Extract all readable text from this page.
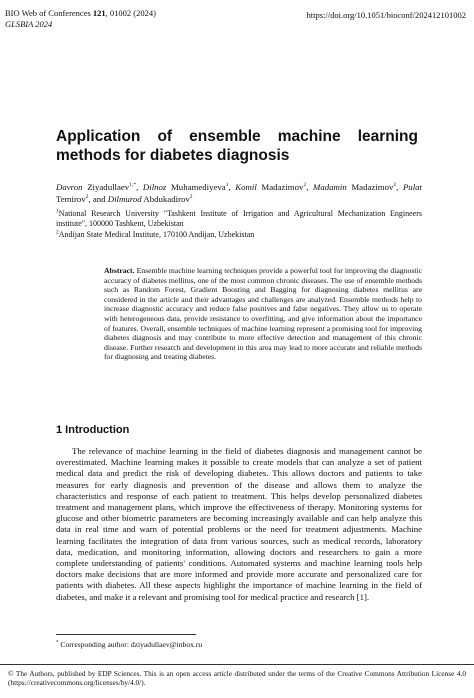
BIO Web of Conferences 121, 01002 (2024)
GLSBIA 2024
https://doi.org/10.1051/bioconf/202412101002
Application of ensemble machine learning methods for diabetes diagnosis
Davron Ziyadullaev$^{1,*}$, Dilnoz Muhamediyeva$^1$, Komil Madazimov$^2$, Madamin Madazimov$^2$, Pulat Temirov$^2$, and Dilmurod Abdukadirov$^2$
$^1$National Research University "Tashkent Institute of Irrigation and Agricultural Mechanization Engineers institute", 100000 Tashkent, Uzbekistan
$^2$Andijan State Medical Institute, 170100 Andijan, Uzbekistan
Abstract. Ensemble machine learning techniques provide a powerful tool for improving the diagnostic accuracy of diabetes mellitus, one of the most common chronic diseases. The use of ensemble methods such as Random Forest, Gradient Boosting and Bagging for diagnosing diabetes mellitus are considered in the article and their advantages and challenges are analyzed. Ensemble methods help to increase diagnostic accuracy and reduce false positives and false negatives. They allow us to operate with heterogeneous data, provide resistance to overfitting, and give information about the importance of features. Overall, ensemble techniques of machine learning represent a promising tool for improving diabetes diagnosis and may contribute to more effective detection and management of this chronic disease. Further research and development in this area may lead to more accurate and reliable methods for diagnosing and treating diabetes.
1 Introduction
The relevance of machine learning in the field of diabetes diagnosis and management cannot be overestimated. Machine learning makes it possible to create models that can analyze a set of patient medical data and predict the risk of developing diabetes. This allows doctors and patients to take measures for early diagnosis and prevention of the disease and allows them to analyze the characteristics and response of each patient to treatment. This helps develop personalized diabetes treatment and management plans, which improve the effectiveness of therapy. Monitoring systems for glucose and other biometric parameters are becoming increasingly available and can help analyze this data in real time and warn of potential problems or the need for treatment adjustments. Machine learning facilitates the integration of data from various sources, such as medical records, laboratory data, medication, and monitoring information, allowing doctors and researchers to gain a more complete understanding of patients' conditions. Automated systems and machine learning tools help doctors make decisions that are more informed and provide more accurate and personalized care for patients with diabetes. All these aspects highlight the importance of machine learning in the field of diabetes, and make it a relevant and promising tool for medical practice and research [1].
* Corresponding author: dziyadullaev@inbox.ru
© The Authors, published by EDP Sciences. This is an open access article distributed under the terms of the Creative Commons Attribution License 4.0 (https://creativecommons.org/licenses/by/4.0/).
